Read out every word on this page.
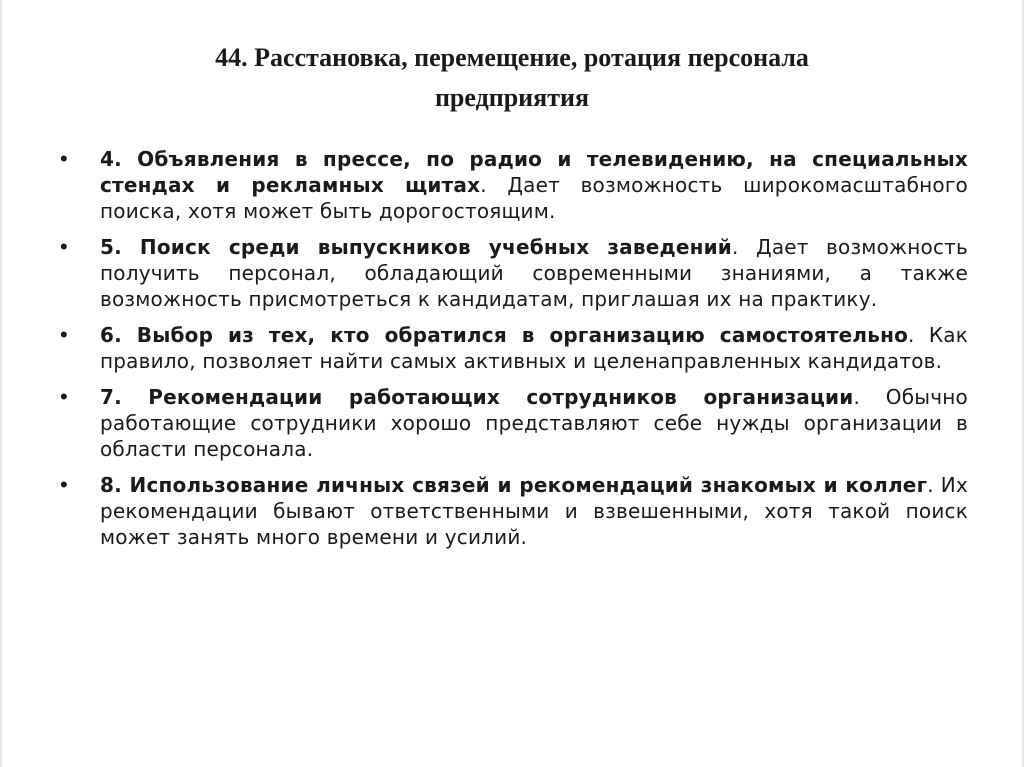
44. Расстановка, перемещение, ротация персонала
предприятия
•	4. Объявления в прессе, по радио и телевидению, на специальных стендах и рекламных щитах. Дает возможность широкомасштабного поиска, хотя может быть дорогостоящим.
•	5. Поиск среди выпускников учебных заведений. Дает возможность получить персонал, обладающий современными знаниями, а также возможность присмотреться к кандидатам, приглашая их на практику.
•	6. Выбор из тех, кто обратился в организацию самостоятельно. Как правило, позволяет найти самых активных и целенаправленных кандидатов.
•	7. Рекомендации работающих сотрудников организации. Обычно работающие сотрудники хорошо представляют себе нужды организации в области персонала.
•	8. Использование личных связей и рекомендаций знакомых и коллег. Их рекомендации бывают ответственными и взвешенными, хотя такой поиск может занять много времени и усилий.
